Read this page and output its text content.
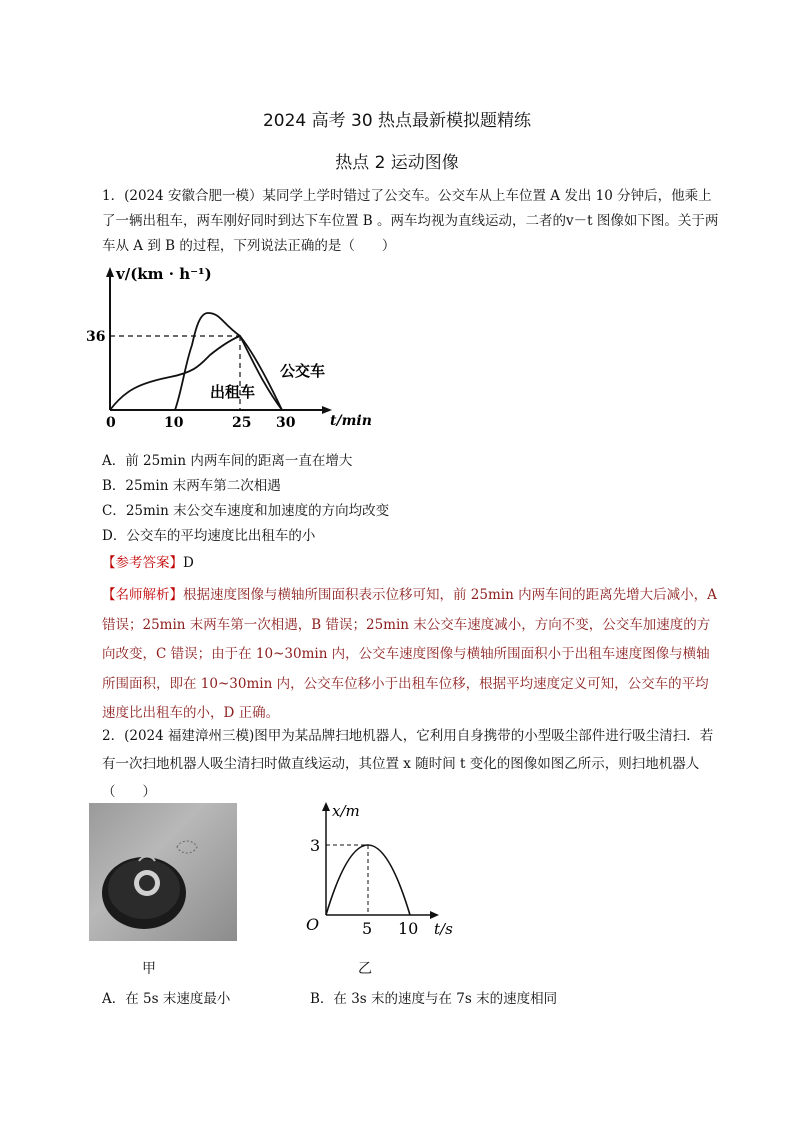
2024 高考 30 热点最新模拟题精练
热点 2 运动图像
1．(2024 安徽合肥一模）某同学上学时错过了公交车。公交车从上车位置 A 发出 10 分钟后，他乘上了一辆出租车，两车刚好同时到达下车位置 B 。两车均视为直线运动，二者的v－t 图像如下图。关于两车从 A 到 B 的过程，下列说法正确的是（　　）
v/(km · h⁻¹)
t/min
36
0	10	25 30
公交车
出租车
A．前 25min 内两车间的距离一直在增大
B．25min 末两车第二次相遇
C．25min 末公交车速度和加速度的方向均改变
D．公交车的平均速度比出租车的小
【参考答案】D
【名师解析】根据速度图像与横轴所围面积表示位移可知，前 25min 内两车间的距离先增大后减小，A 错误；25min 末两车第一次相遇，B 错误；25min 末公交车速度减小，方向不变，公交车加速度的方向改变，C 错误；由于在 10~30min 内，公交车速度图像与横轴所围面积小于出租车速度图像与横轴所围面积，即在 10~30min 内，公交车位移小于出租车位移，根据平均速度定义可知，公交车的平均速度比出租车的小，D 正确。
2．(2024 福建漳州三模)图甲为某品牌扫地机器人，它利用自身携带的小型吸尘部件进行吸尘清扫．若有一次扫地机器人吸尘清扫时做直线运动，其位置 x 随时间 t 变化的图像如图乙所示，则扫地机器人（　　）
x/m
t/s
O
3
5 10
甲	乙
A．在 5s 末速度最小	B．在 3s 末的速度与在 7s 末的速度相同
